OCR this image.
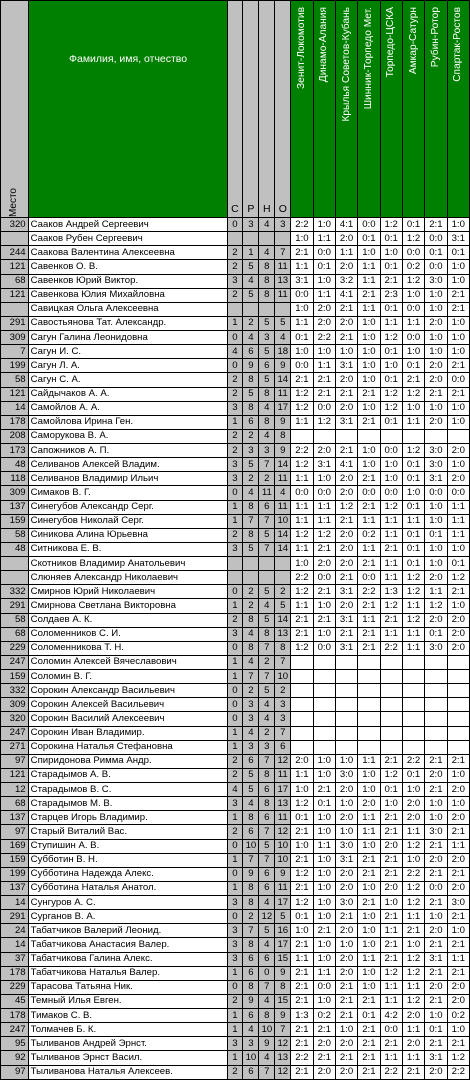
Место	Фамилия, имя, отчество	С	Р	Н	О	Зенит-Локомотив	Динамо-Алания	Крылья Советов-Кубань	Шинник-Торпедо Мет.	Торпедо-ЦСКА	Амкар-Сатурн	Рубин-Ротор	Спартак-Ростов

320	Сааков Андрей Сергеевич	0	3	4	3	2:2	1:0	4:1	0:0	1:2	0:1	2:1	1:0
	Сааков Рубен Сергеевич					1:0	1:1	2:0	0:1	0:1	1:2	0:0	3:1
244	Саакова Валентина Алексеевна	2	1	4	7	2:1	0:0	1:1	1:0	1:0	0:0	0:1	0:1
121	Савенков О. В.	2	5	8	11	1:1	0:1	2:0	1:1	0:1	0:2	0:0	1:0
68	Савенков Юрий Виктор.	3	4	8	13	3:1	1:0	3:2	1:1	2:1	1:2	3:0	1:0
121	Савенкова Юлия Михайловна	2	5	8	11	0:0	1:1	4:1	2:1	2:3	1:0	1:0	2:1
	Савицкая Ольга Алексеевна					1:0	2:0	2:1	1:1	0:1	0:0	1:0	2:1
291	Савостьянова Тат. Александр.	1	2	5	5	1:1	2:0	2:0	1:0	1:1	1:1	2:0	1:0
309	Сагун Галина Леонидовна	0	4	3	4	0:1	2:2	2:1	1:0	1:2	0:0	1:0	1:0
7	Сагун И. С.	4	6	5	18	1:0	1:0	1:0	1:0	0:1	1:0	1:0	1:0
199	Сагун Л. А.	0	9	6	9	0:0	1:1	3:1	1:0	1:0	0:1	2:0	2:1
58	Сагун С. А.	2	8	5	14	2:1	2:1	2:0	1:0	0:1	2:1	2:0	0:0
121	Сайдычаков А. А.	2	5	8	11	1:2	2:1	2:1	2:1	1:2	1:2	2:1	2:1
14	Самойлов А. А.	3	8	4	17	1:2	0:0	2:0	1:0	1:2	1:0	1:0	1:0
178	Самойлова Ирина Ген.	1	6	8	9	1:1	1:2	3:1	2:1	0:1	1:1	2:0	1:0
208	Саморукова В. А.	2	2	4	8								
173	Сапожников А. П.	2	3	3	9	2:2	2:0	2:1	1:0	0:0	1:2	3:0	2:0
48	Селиванов Алексей Владим.	3	5	7	14	1:2	3:1	4:1	1:0	1:0	0:1	3:0	1:0
118	Селиванов Владимир Ильич	3	2	2	11	1:1	1:0	2:0	2:1	1:0	0:1	3:1	2:0
309	Симаков В. Г.	0	4	11	4	0:0	0:0	2:0	0:0	0:0	1:0	0:0	0:0
137	Синегубов Александр Серг.	1	8	6	11	1:1	1:1	1:2	2:1	1:2	0:1	1:0	1:1
159	Синегубов Николай Серг.	1	7	7	10	1:1	1:1	2:1	1:1	1:1	1:1	1:0	1:1
58	Синикова Алина Юрьевна	2	8	5	14	1:2	1:2	2:0	0:2	1:1	0:1	0:1	1:1
48	Ситникова Е. В.	3	5	7	14	1:1	2:1	2:0	1:1	2:1	0:1	1:0	1:0
	Скотников Владимир Анатольевич					1:0	2:0	2:0	2:1	1:1	0:1	1:0	0:1
	Слюняев Александр Николаевич					2:2	0:0	2:1	0:0	1:1	1:2	2:0	1:2
332	Смирнов Юрий Николаевич	0	2	5	2	1:2	2:1	3:1	2:2	1:3	1:2	1:1	2:1
291	Смирнова Светлана Викторовна	1	2	4	5	1:1	1:0	2:0	2:1	1:2	1:1	1:2	1:0
58	Солдаев А. К.	2	8	5	14	2:1	2:1	3:1	1:1	2:1	1:2	2:0	2:0
68	Соломенников С. И.	3	4	8	13	2:1	1:0	2:1	2:1	1:1	1:1	0:1	2:0
229	Соломенникова Т. Н.	0	8	7	8	1:2	0:0	3:1	2:1	2:2	1:1	3:0	2:0
247	Соломин Алексей Вячеславович	1	4	2	7								
159	Соломин В. Г.	1	7	7	10								
332	Сорокин Александр Васильевич	0	2	5	2								
309	Сорокин Алексей Васильевич	0	3	4	3								
320	Сорокин Василий Алексеевич	0	3	4	3								
247	Сорокин Иван Владимир.	1	4	2	7								
271	Сорокина Наталья Стефановна	1	3	3	6								
97	Спиридонова Римма Андр.	2	6	7	12	2:0	1:0	1:0	1:1	2:1	2:2	2:1	2:1
121	Старадымов А. В.	2	5	8	11	1:1	1:0	3:0	1:0	1:2	0:1	2:0	1:0
12	Старадымов В. С.	4	5	6	17	1:0	2:1	2:0	1:0	0:1	1:0	2:1	2:0
68	Старадымов М. В.	3	4	8	13	1:2	0:1	1:0	2:0	1:0	2:0	1:0	1:0
137	Старцев Игорь Владимир.	1	8	6	11	0:1	1:0	2:0	1:1	2:1	2:0	1:0	2:0
97	Старый Виталий Вас.	2	6	7	12	2:1	1:0	1:0	1:1	2:1	1:1	3:0	2:1
169	Ступишин А. В.	0	10	5	10	1:0	1:1	3:0	1:0	2:0	1:2	2:1	1:1
159	Субботин В. Н.	1	7	7	10	2:1	1:0	3:1	2:1	2:1	1:0	2:0	2:0
199	Субботина Надежда Алекс.	0	9	6	9	1:2	1:0	2:0	2:1	2:1	2:2	2:1	2:1
137	Субботина Наталья Анатол.	1	8	6	11	2:1	1:0	2:0	1:0	2:0	1:2	0:0	2:0
14	Сунгуров А. С.	3	8	4	17	1:2	1:0	3:0	2:1	1:0	1:2	2:1	3:0
291	Сурганов В. А.	0	2	12	5	0:1	1:0	2:1	1:0	2:1	1:1	1:0	2:1
24	Табатчиков Валерий Леонид.	3	7	5	16	1:0	2:1	2:0	1:0	1:1	2:1	2:0	1:0
14	Табатчикова Анастасия Валер.	3	8	4	17	2:1	1:0	1:0	1:0	2:1	1:0	2:1	2:1
37	Табатчикова Галина Алекс.	3	6	6	15	1:1	1:0	2:0	1:1	2:1	1:2	3:1	1:1
178	Табатчикова Наталья Валер.	1	6	0	9	2:1	1:1	2:0	1:0	1:2	1:2	2:1	2:1
229	Тарасова Татьяна Ник.	0	8	7	8	2:1	0:0	2:1	1:0	1:1	1:1	2:0	2:0
45	Темный Илья Евген.	2	9	4	15	2:1	1:0	2:1	2:1	1:1	1:2	2:1	2:0
178	Тимаков С. В.	1	6	8	9	1:3	0:2	2:1	0:1	4:2	2:0	1:0	0:2
247	Толмачев Б. К.	1	4	10	7	2:1	2:1	1:0	2:1	0:0	1:1	0:1	1:0
95	Тыливанов Андрей Эрнст.	3	3	9	12	2:1	2:0	2:0	2:1	2:1	2:0	2:1	2:1
92	Тыливанов Эрнст Васил.	1	10	4	13	2:2	2:1	2:1	2:1	1:1	1:1	3:1	1:2
97	Тыливанова Наталья Алексеев.	2	6	7	12	2:1	2:0	2:0	2:1	2:2	2:1	2:0	2:2
